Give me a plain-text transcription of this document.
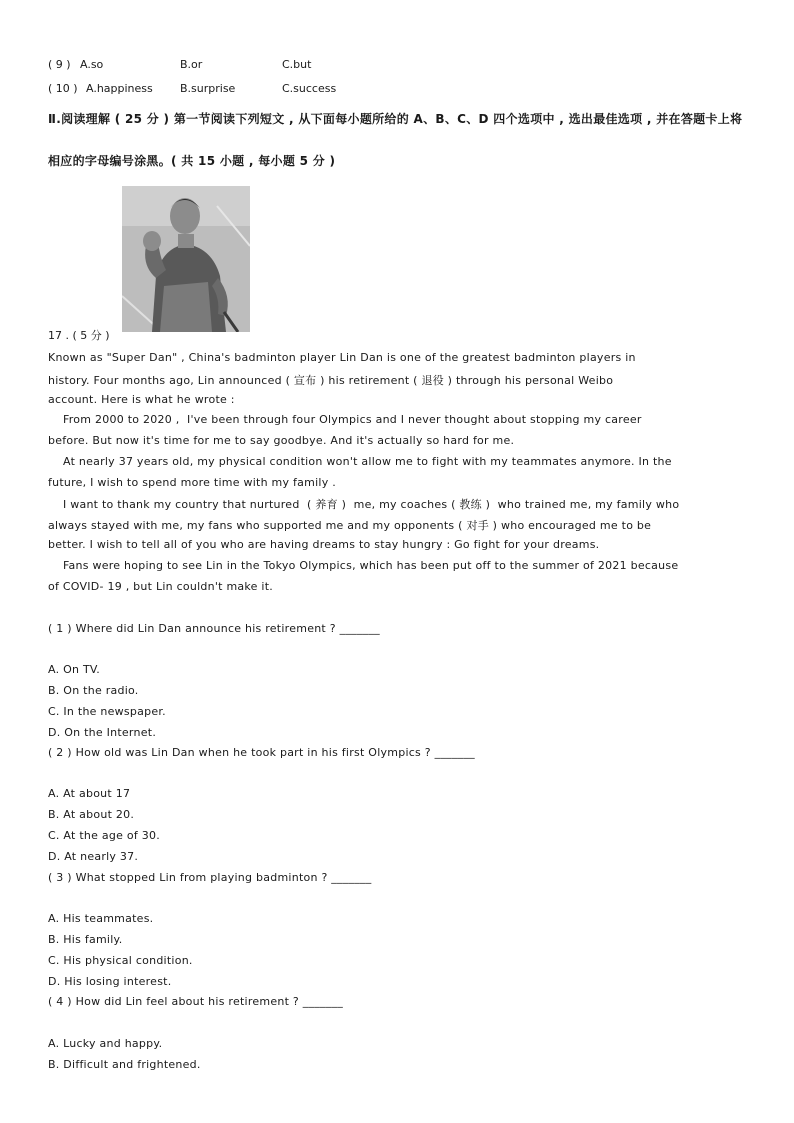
( 9 ) A.so	B.or	C.but
( 10 ) A.happiness B.surprise	C.success
Ⅱ.阅读理解 ( 25 分 ) 第一节阅读下列短文 , 从下面每小题所给的 A、B、C、D 四个选项中 , 选出最佳选项 , 并在答题卡上将
相应的字母编号涂黑。( 共 15 小题 , 每小题 5 分 )
17 . ( 5 分 )
Known as "Super Dan" , China's badminton player Lin Dan is one of the greatest badminton players in
history. Four months ago, Lin announced ( 宣布 ) his retirement ( 退役 ) through his personal Weibo
account. Here is what he wrote :
From 2000 to 2020 ,  I've been through four Olympics and I never thought about stopping my career
before. But now it's time for me to say goodbye. And it's actually so hard for me.
At nearly 37 years old, my physical condition won't allow me to fight with my teammates anymore. In the
future, I wish to spend more time with my family .
I want to thank my country that nurtured  ( 养育 )  me, my coaches ( 教练 )  who trained me, my family who
always stayed with me, my fans who supported me and my opponents ( 对手 ) who encouraged me to be
better. I wish to tell all of you who are having dreams to stay hungry : Go fight for your dreams.
Fans were hoping to see Lin in the Tokyo Olympics, which has been put off to the summer of 2021 because
of COVID- 19 , but Lin couldn't make it.
( 1 ) Where did Lin Dan announce his retirement ? _______
A. On TV.
B. On the radio.
C. In the newspaper.
D. On the Internet.
( 2 ) How old was Lin Dan when he took part in his first Olympics ? _______
A. At about 17
B. At about 20.
C. At the age of 30.
D. At nearly 37.
( 3 ) What stopped Lin from playing badminton ? _______
A. His teammates.
B. His family.
C. His physical condition.
D. His losing interest.
( 4 ) How did Lin feel about his retirement ? _______
A. Lucky and happy.
B. Difficult and frightened.
